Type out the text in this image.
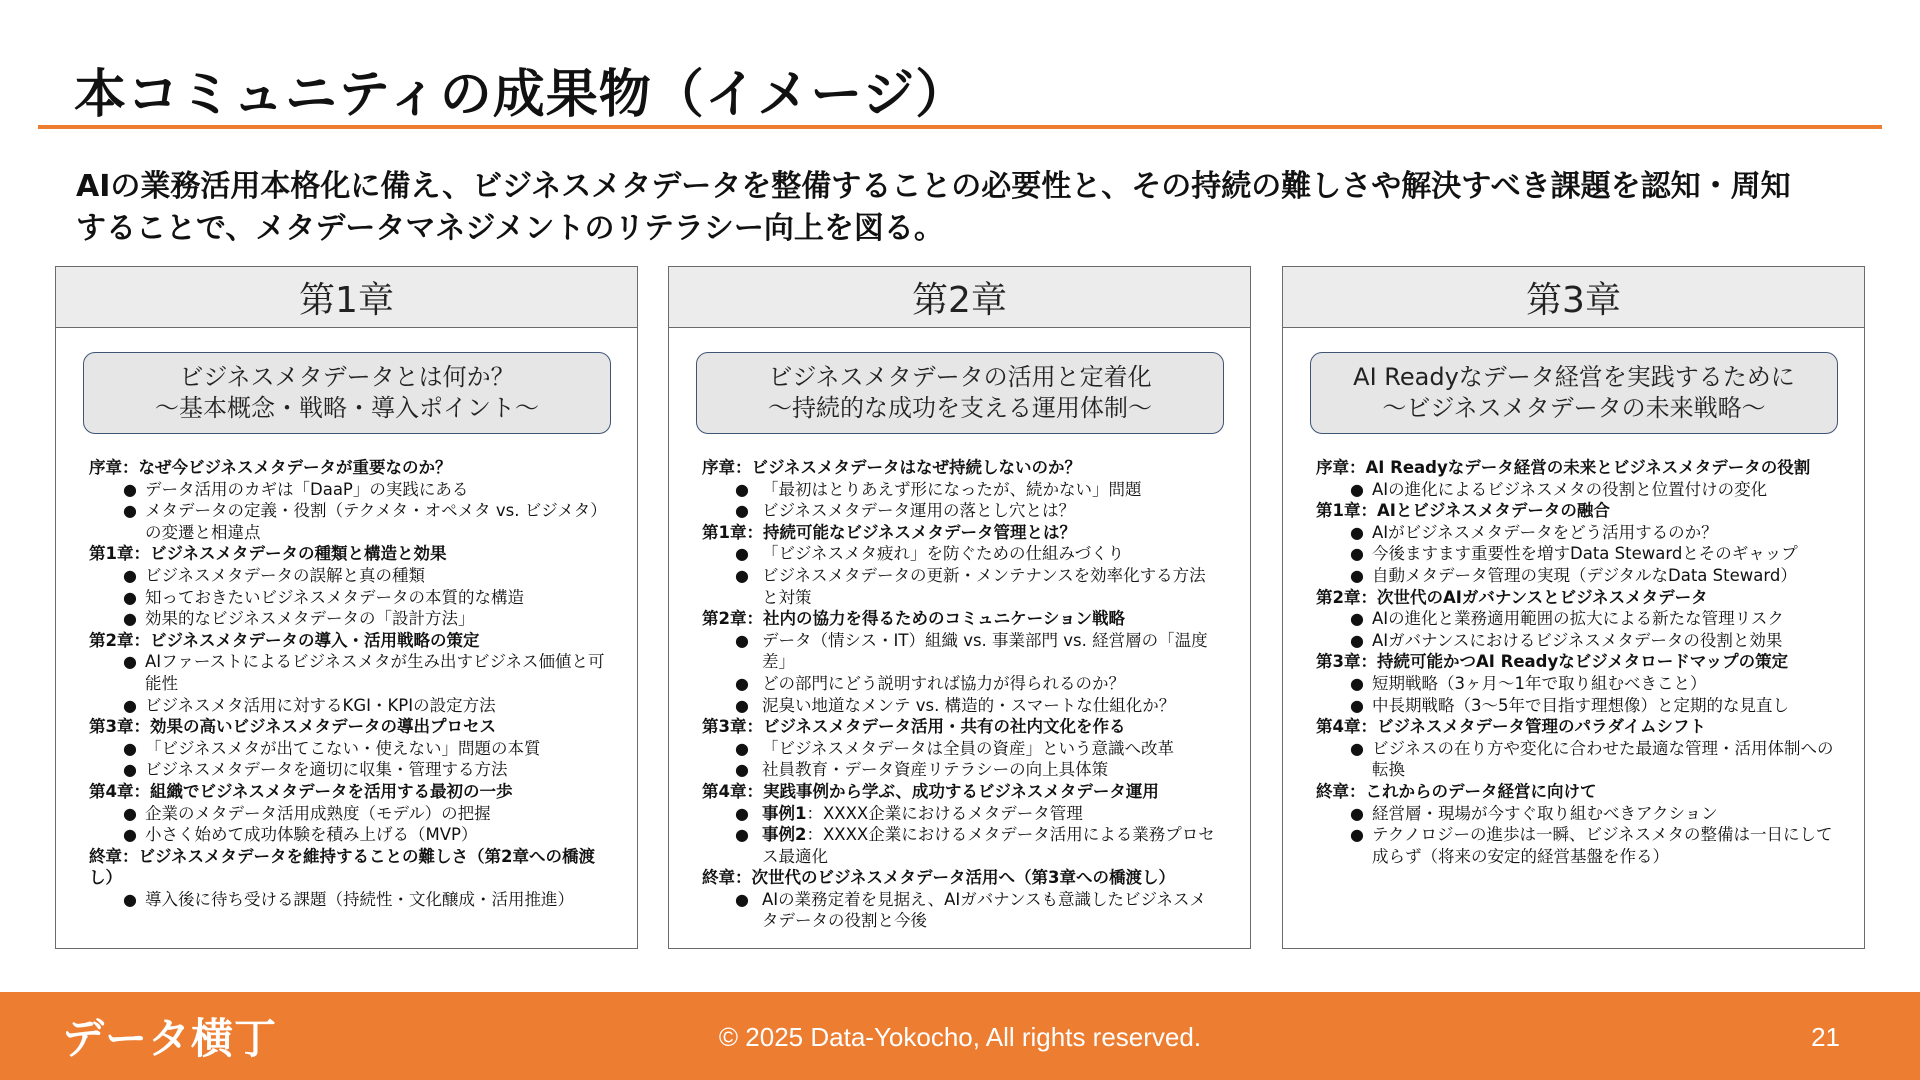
本コミュニティの成果物（イメージ）
AIの業務活用本格化に備え、ビジネスメタデータを整備することの必要性と、その持続の難しさや解決すべき課題を認知・周知することで、メタデータマネジメントのリテラシー向上を図る。
第1章
ビジネスメタデータとは何か？
～基本概念・戦略・導入ポイント～
序章：なぜ今ビジネスメタデータが重要なのか？
● データ活用のカギは「DaaP」の実践にある
● メタデータの定義・役割（テクメタ・オペメタ vs. ビジメタ）の変遷と相違点
第1章：ビジネスメタデータの種類と構造と効果
● ビジネスメタデータの誤解と真の種類
● 知っておきたいビジネスメタデータの本質的な構造
● 効果的なビジネスメタデータの「設計方法」
第2章：ビジネスメタデータの導入・活用戦略の策定
● AIファーストによるビジネスメタが生み出すビジネス価値と可能性
● ビジネスメタ活用に対するKGI・KPIの設定方法
第3章：効果の高いビジネスメタデータの導出プロセス
● 「ビジネスメタが出てこない・使えない」問題の本質
● ビジネスメタデータを適切に収集・管理する方法
第4章：組織でビジネスメタデータを活用する最初の一歩
● 企業のメタデータ活用成熟度（モデル）の把握
● 小さく始めて成功体験を積み上げる（MVP）
終章：ビジネスメタデータを維持することの難しさ（第2章への橋渡し）
● 導入後に待ち受ける課題（持続性・文化醸成・活用推進）
第2章
ビジネスメタデータの活用と定着化
～持続的な成功を支える運用体制～
序章：ビジネスメタデータはなぜ持続しないのか？
● 「最初はとりあえず形になったが、続かない」問題
● ビジネスメタデータ運用の落とし穴とは？
第1章：持続可能なビジネスメタデータ管理とは？
● 「ビジネスメタ疲れ」を防ぐための仕組みづくり
● ビジネスメタデータの更新・メンテナンスを効率化する方法と対策
第2章：社内の協力を得るためのコミュニケーション戦略
● データ（情シス・IT）組織 vs. 事業部門 vs. 経営層の「温度差」
● どの部門にどう説明すれば協力が得られるのか？
● 泥臭い地道なメンテ vs. 構造的・スマートな仕組化か？
第3章：ビジネスメタデータ活用・共有の社内文化を作る
● 「ビジネスメタデータは全員の資産」という意識へ改革
● 社員教育・データ資産リテラシーの向上具体策
第4章：実践事例から学ぶ、成功するビジネスメタデータ運用
● 事例1：XXXX企業におけるメタデータ管理
● 事例2：XXXX企業におけるメタデータ活用による業務プロセス最適化
終章：次世代のビジネスメタデータ活用へ（第3章への橋渡し）
● AIの業務定着を見据え、AIガバナンスも意識したビジネスメタデータの役割と今後
第3章
AI Readyなデータ経営を実践するために
～ビジネスメタデータの未来戦略～
序章：AI Readyなデータ経営の未来とビジネスメタデータの役割
● AIの進化によるビジネスメタの役割と位置付けの変化
第1章：AIとビジネスメタデータの融合
● AIがビジネスメタデータをどう活用するのか？
● 今後ますます重要性を増すData Stewardとそのギャップ
● 自動メタデータ管理の実現（デジタルなData Steward）
第2章：次世代のAIガバナンスとビジネスメタデータ
● AIの進化と業務適用範囲の拡大による新たな管理リスク
● AIガバナンスにおけるビジネスメタデータの役割と効果
第3章：持続可能かつAI Readyなビジメタロードマップの策定
● 短期戦略（3ヶ月～1年で取り組むべきこと）
● 中長期戦略（3～5年で目指す理想像）と定期的な見直し
第4章：ビジネスメタデータ管理のパラダイムシフト
● ビジネスの在り方や変化に合わせた最適な管理・活用体制への転換
終章：これからのデータ経営に向けて
● 経営層・現場が今すぐ取り組むべきアクション
● テクノロジーの進歩は一瞬、ビジネスメタの整備は一日にして成らず（将来の安定的経営基盤を作る）
データ横丁	© 2025 Data-Yokocho, All rights reserved.	21
